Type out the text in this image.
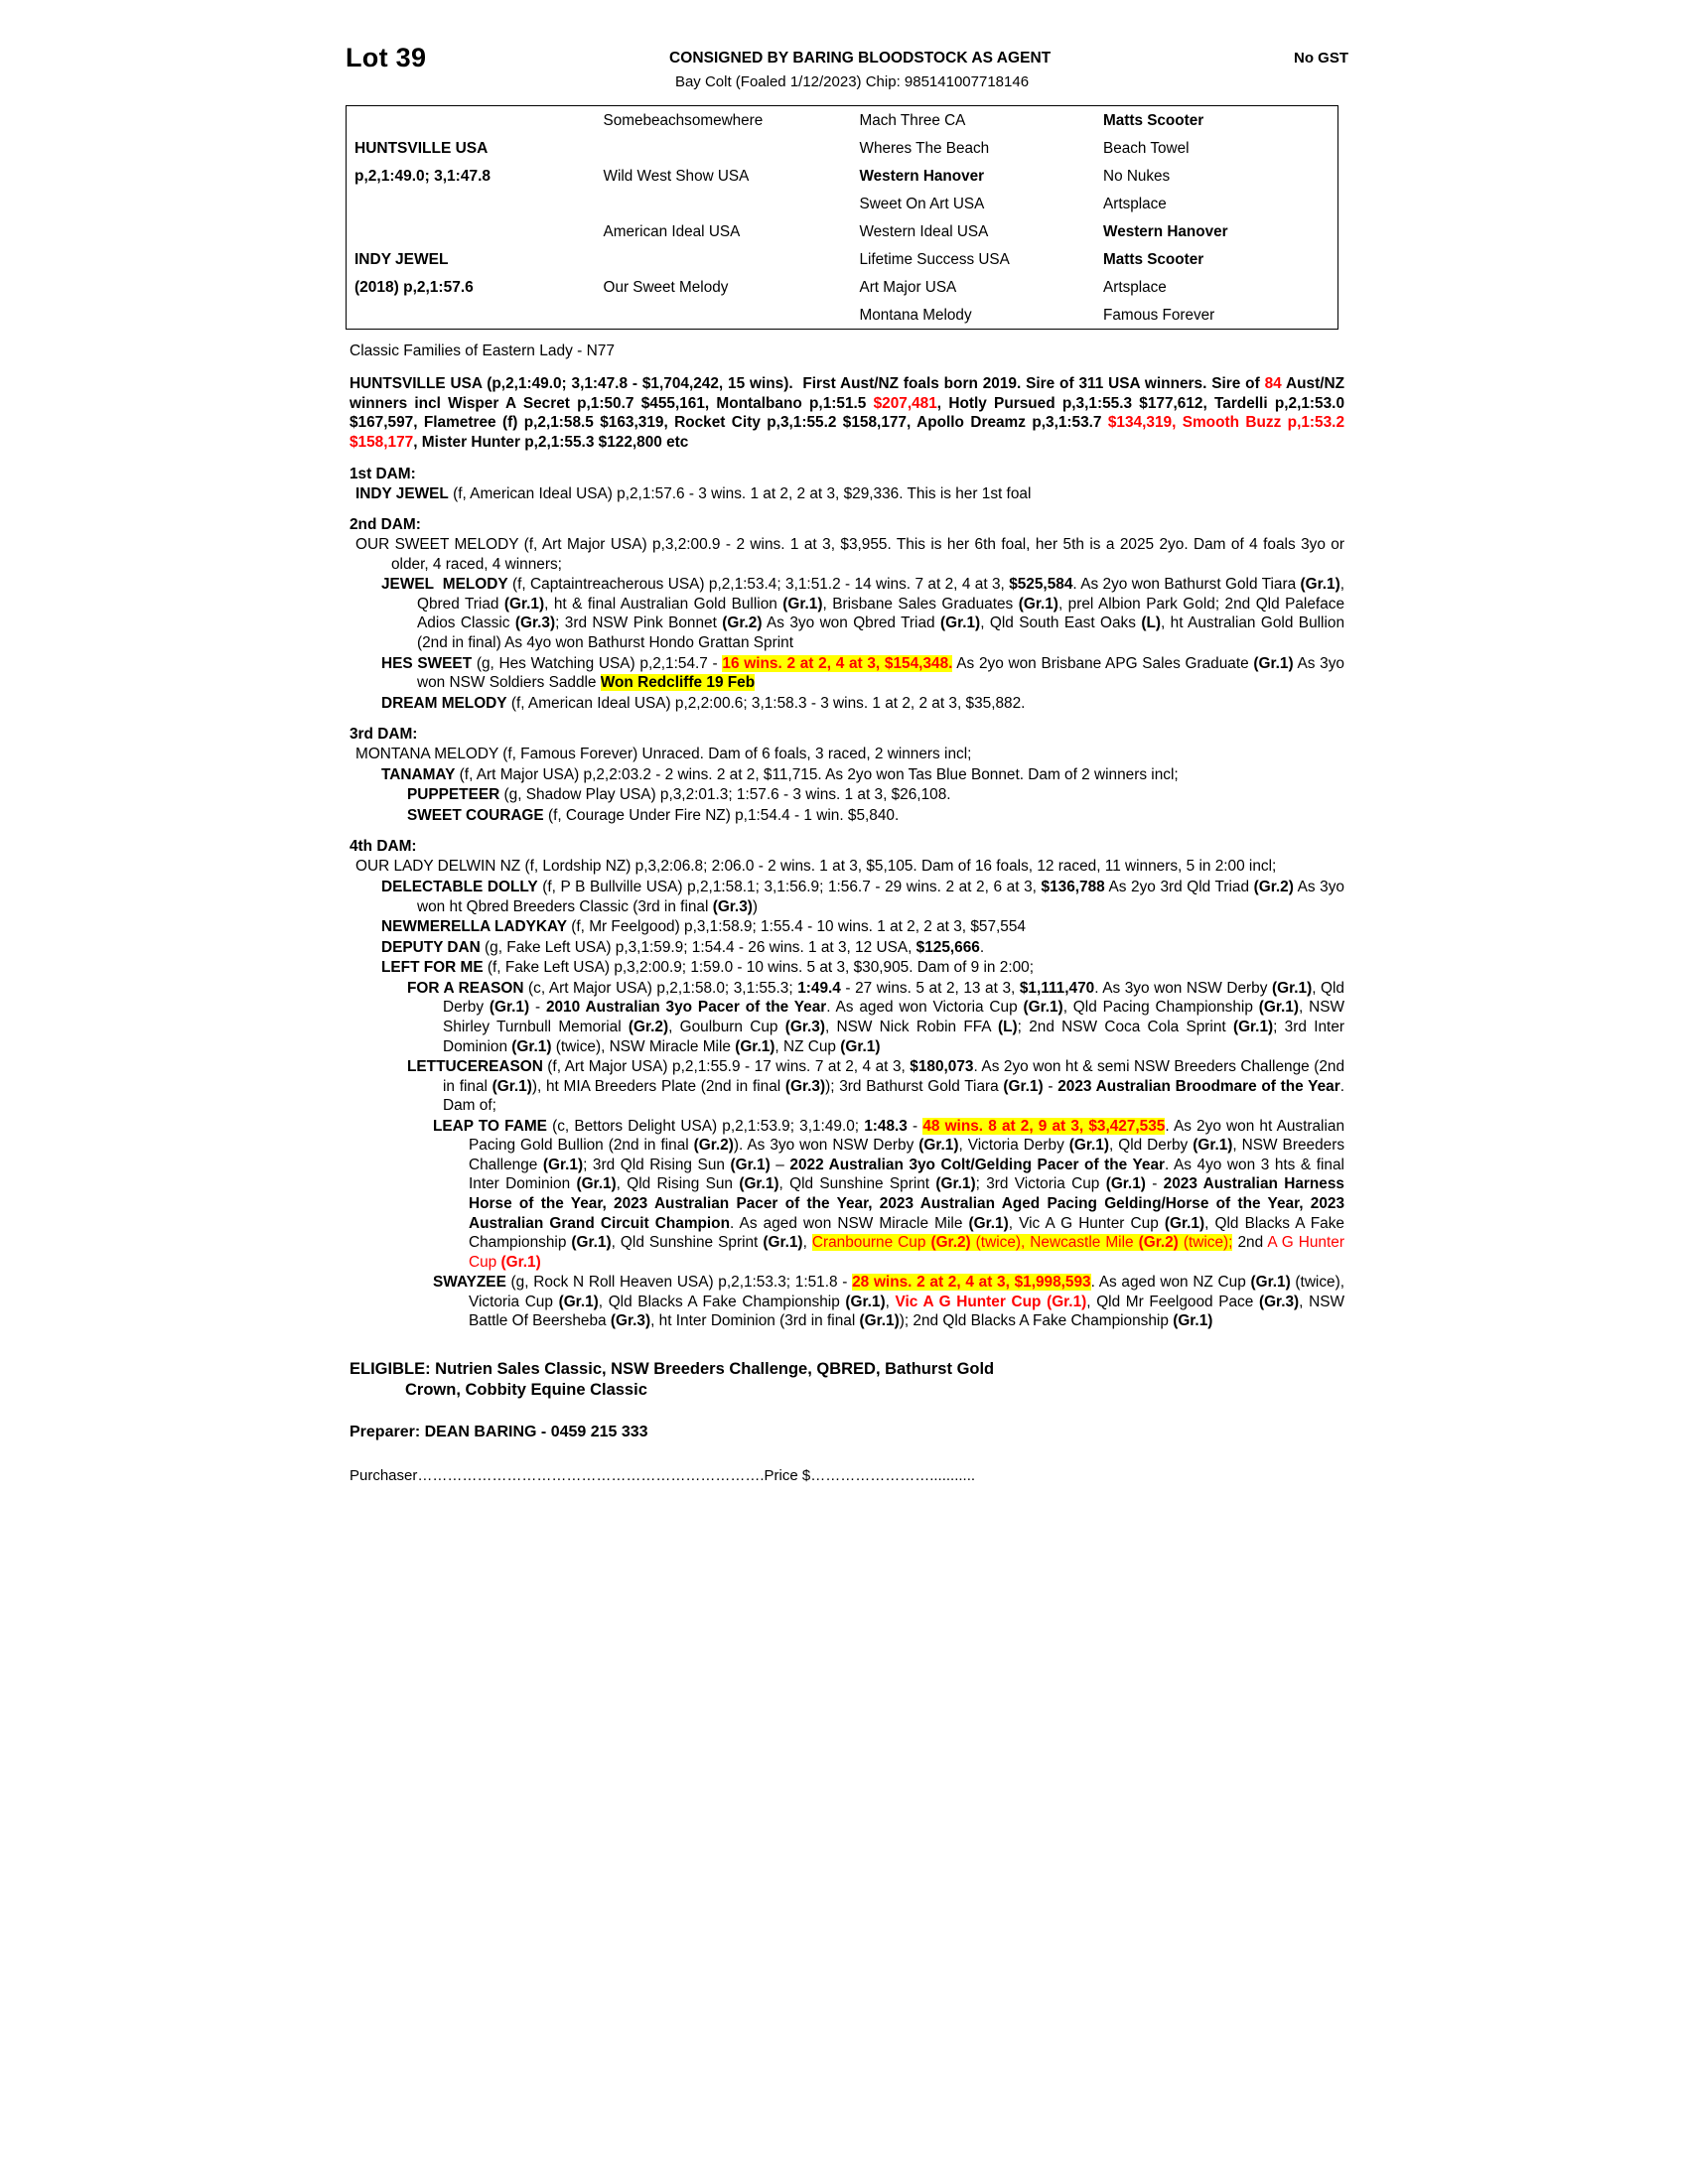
Lot 39	CONSIGNED BY BARING BLOODSTOCK AS AGENT	No GST
Bay Colt (Foaled 1/12/2023) Chip: 985141007718146
	Somebeachsomewhere	Mach Three CA	Matts Scooter
HUNTSVILLE USA		Wheres The Beach	Beach Towel
p,2,1:49.0; 3,1:47.8	Wild West Show USA	Western Hanover	No Nukes
		Sweet On Art USA	Artsplace
	American Ideal USA	Western Ideal USA	Western Hanover
INDY JEWEL		Lifetime Success USA	Matts Scooter
(2018) p,2,1:57.6	Our Sweet Melody	Art Major USA	Artsplace
		Montana Melody	Famous Forever
Classic Families of Eastern Lady - N77
HUNTSVILLE USA (p,2,1:49.0; 3,1:47.8 - $1,704,242, 15 wins).  First Aust/NZ foals born 2019. Sire of 311 USA winners. Sire of 84 Aust/NZ winners incl Wisper A Secret p,1:50.7 $455,161, Montalbano p,1:51.5 $207,481, Hotly Pursued p,3,1:55.3 $177,612, Tardelli p,2,1:53.0 $167,597, Flametree (f) p,2,1:58.5 $163,319, Rocket City p,3,1:55.2 $158,177, Apollo Dreamz p,3,1:53.7 $134,319, Smooth Buzz p,1:53.2 $158,177, Mister Hunter p,2,1:55.3 $122,800 etc
1st DAM:
INDY JEWEL (f, American Ideal USA) p,2,1:57.6 - 3 wins. 1 at 2, 2 at 3, $29,336. This is her 1st foal
2nd DAM:
OUR SWEET MELODY (f, Art Major USA) p,3,2:00.9 - 2 wins. 1 at 3, $3,955. This is her 6th foal, her 5th is a 2025 2yo. Dam of 4 foals 3yo or older, 4 raced, 4 winners;
JEWEL  MELODY (f, Captaintreacherous USA) p,2,1:53.4; 3,1:51.2 - 14 wins. 7 at 2, 4 at 3, $525,584. As 2yo won Bathurst Gold Tiara (Gr.1), Qbred Triad (Gr.1), ht & final Australian Gold Bullion (Gr.1), Brisbane Sales Graduates (Gr.1), prel Albion Park Gold; 2nd Qld Paleface Adios Classic (Gr.3); 3rd NSW Pink Bonnet (Gr.2) As 3yo won Qbred Triad (Gr.1), Qld South East Oaks (L), ht Australian Gold Bullion (2nd in final) As 4yo won Bathurst Hondo Grattan Sprint
HES SWEET (g, Hes Watching USA) p,2,1:54.7 - 16 wins. 2 at 2, 4 at 3, $154,348. As 2yo won Brisbane APG Sales Graduate (Gr.1) As 3yo won NSW Soldiers Saddle Won Redcliffe 19 Feb
DREAM MELODY (f, American Ideal USA) p,2,2:00.6; 3,1:58.3 - 3 wins. 1 at 2, 2 at 3, $35,882.
3rd DAM:
MONTANA MELODY (f, Famous Forever) Unraced. Dam of 6 foals, 3 raced, 2 winners incl;
TANAMAY (f, Art Major USA) p,2,2:03.2 - 2 wins. 2 at 2, $11,715. As 2yo won Tas Blue Bonnet. Dam of 2 winners incl;
PUPPETEER (g, Shadow Play USA) p,3,2:01.3; 1:57.6 - 3 wins. 1 at 3, $26,108.
SWEET COURAGE (f, Courage Under Fire NZ) p,1:54.4 - 1 win. $5,840.
4th DAM:
OUR LADY DELWIN NZ (f, Lordship NZ) p,3,2:06.8; 2:06.0 - 2 wins. 1 at 3, $5,105. Dam of 16 foals, 12 raced, 11 winners, 5 in 2:00 incl;
DELECTABLE DOLLY (f, P B Bullville USA) p,2,1:58.1; 3,1:56.9; 1:56.7 - 29 wins. 2 at 2, 6 at 3, $136,788 As 2yo 3rd Qld Triad (Gr.2) As 3yo won ht Qbred Breeders Classic (3rd in final (Gr.3))
NEWMERELLA LADYKAY (f, Mr Feelgood) p,3,1:58.9; 1:55.4 - 10 wins. 1 at 2, 2 at 3, $57,554
DEPUTY DAN (g, Fake Left USA) p,3,1:59.9; 1:54.4 - 26 wins. 1 at 3, 12 USA, $125,666.
LEFT FOR ME (f, Fake Left USA) p,3,2:00.9; 1:59.0 - 10 wins. 5 at 3, $30,905. Dam of 9 in 2:00;
FOR A REASON (c, Art Major USA) p,2,1:58.0; 3,1:55.3; 1:49.4 - 27 wins. 5 at 2, 13 at 3, $1,111,470. As 3yo won NSW Derby (Gr.1), Qld Derby (Gr.1) - 2010 Australian 3yo Pacer of the Year. As aged won Victoria Cup (Gr.1), Qld Pacing Championship (Gr.1), NSW Shirley Turnbull Memorial (Gr.2), Goulburn Cup (Gr.3), NSW Nick Robin FFA (L); 2nd NSW Coca Cola Sprint (Gr.1); 3rd Inter Dominion (Gr.1) (twice), NSW Miracle Mile (Gr.1), NZ Cup (Gr.1)
LETTUCEREASON (f, Art Major USA) p,2,1:55.9 - 17 wins. 7 at 2, 4 at 3, $180,073. As 2yo won ht & semi NSW Breeders Challenge (2nd in final (Gr.1)), ht MIA Breeders Plate (2nd in final (Gr.3)); 3rd Bathurst Gold Tiara (Gr.1) - 2023 Australian Broodmare of the Year. Dam of;
LEAP TO FAME (c, Bettors Delight USA) p,2,1:53.9; 3,1:49.0; 1:48.3 - 48 wins. 8 at 2, 9 at 3, $3,427,535. As 2yo won ht Australian Pacing Gold Bullion (2nd in final (Gr.2)). As 3yo won NSW Derby (Gr.1), Victoria Derby (Gr.1), Qld Derby (Gr.1), NSW Breeders Challenge (Gr.1); 3rd Qld Rising Sun (Gr.1) – 2022 Australian 3yo Colt/Gelding Pacer of the Year. As 4yo won 3 hts & final Inter Dominion (Gr.1), Qld Rising Sun (Gr.1), Qld Sunshine Sprint (Gr.1); 3rd Victoria Cup (Gr.1) - 2023 Australian Harness Horse of the Year, 2023 Australian Pacer of the Year, 2023 Australian Aged Pacing Gelding/Horse of the Year, 2023 Australian Grand Circuit Champion. As aged won NSW Miracle Mile (Gr.1), Vic A G Hunter Cup (Gr.1), Qld Blacks A Fake Championship (Gr.1), Qld Sunshine Sprint (Gr.1), Cranbourne Cup (Gr.2) (twice), Newcastle Mile (Gr.2) (twice); 2nd A G Hunter Cup (Gr.1)
SWAYZEE (g, Rock N Roll Heaven USA) p,2,1:53.3; 1:51.8 - 28 wins. 2 at 2, 4 at 3, $1,998,593. As aged won NZ Cup (Gr.1) (twice), Victoria Cup (Gr.1), Qld Blacks A Fake Championship (Gr.1), Vic A G Hunter Cup (Gr.1), Qld Mr Feelgood Pace (Gr.3), NSW Battle Of Beersheba (Gr.3), ht Inter Dominion (3rd in final (Gr.1)); 2nd Qld Blacks A Fake Championship (Gr.1)
ELIGIBLE: Nutrien Sales Classic, NSW Breeders Challenge, QBRED, Bathurst Gold
Crown, Cobbity Equine Classic
Preparer: DEAN BARING - 0459 215 333
Purchaser…………………………………………………………….Price $……………………...........
